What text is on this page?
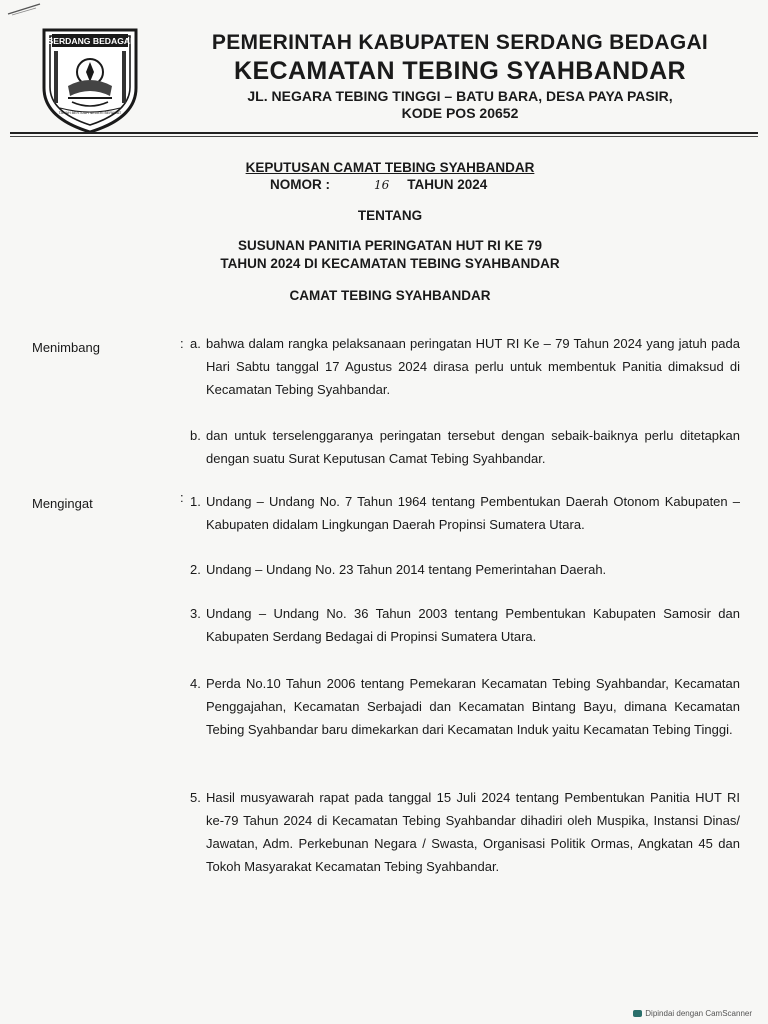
SERDANG BEDAGAI
TANAH BERTUAH NEGERI BERADAT
PEMERINTAH KABUPATEN SERDANG BEDAGAI
KECAMATAN TEBING SYAHBANDAR
JL. NEGARA TEBING TINGGI – BATU BARA, DESA PAYA PASIR,
KODE POS 20652
KEPUTUSAN CAMAT TEBING SYAHBANDAR
NOMOR :	16 TAHUN 2024
TENTANG
SUSUNAN PANITIA PERINGATAN HUT RI KE 79
TAHUN 2024 DI KECAMATAN TEBING SYAHBANDAR
CAMAT TEBING SYAHBANDAR
Menimbang	: a. bahwa dalam rangka pelaksanaan peringatan HUT RI Ke – 79 Tahun 2024 yang jatuh pada Hari Sabtu tanggal 17 Agustus 2024 dirasa perlu untuk membentuk Panitia dimaksud di Kecamatan Tebing Syahbandar.
b. dan untuk terselenggaranya peringatan tersebut dengan sebaik-baiknya perlu ditetapkan dengan suatu Surat Keputusan Camat Tebing Syahbandar.
Mengingat	: 1. Undang – Undang No. 7 Tahun 1964 tentang Pembentukan Daerah Otonom Kabupaten – Kabupaten didalam Lingkungan Daerah Propinsi Sumatera Utara.
2. Undang – Undang No. 23 Tahun 2014 tentang Pemerintahan Daerah.
3. Undang – Undang No. 36 Tahun 2003 tentang Pembentukan Kabupaten Samosir dan Kabupaten Serdang Bedagai di Propinsi Sumatera Utara.
4. Perda No.10 Tahun 2006 tentang Pemekaran Kecamatan Tebing Syahbandar, Kecamatan Penggajahan, Kecamatan Serbajadi dan Kecamatan Bintang Bayu, dimana Kecamatan Tebing Syahbandar baru dimekarkan dari Kecamatan Induk yaitu Kecamatan Tebing Tinggi.
5. Hasil musyawarah rapat pada tanggal 15 Juli 2024 tentang Pembentukan Panitia HUT RI ke-79 Tahun 2024 di Kecamatan Tebing Syahbandar dihadiri oleh Muspika, Instansi Dinas/ Jawatan, Adm. Perkebunan Negara / Swasta, Organisasi Politik Ormas, Angkatan 45 dan Tokoh Masyarakat Kecamatan Tebing Syahbandar.
Dipindai dengan CamScanner
